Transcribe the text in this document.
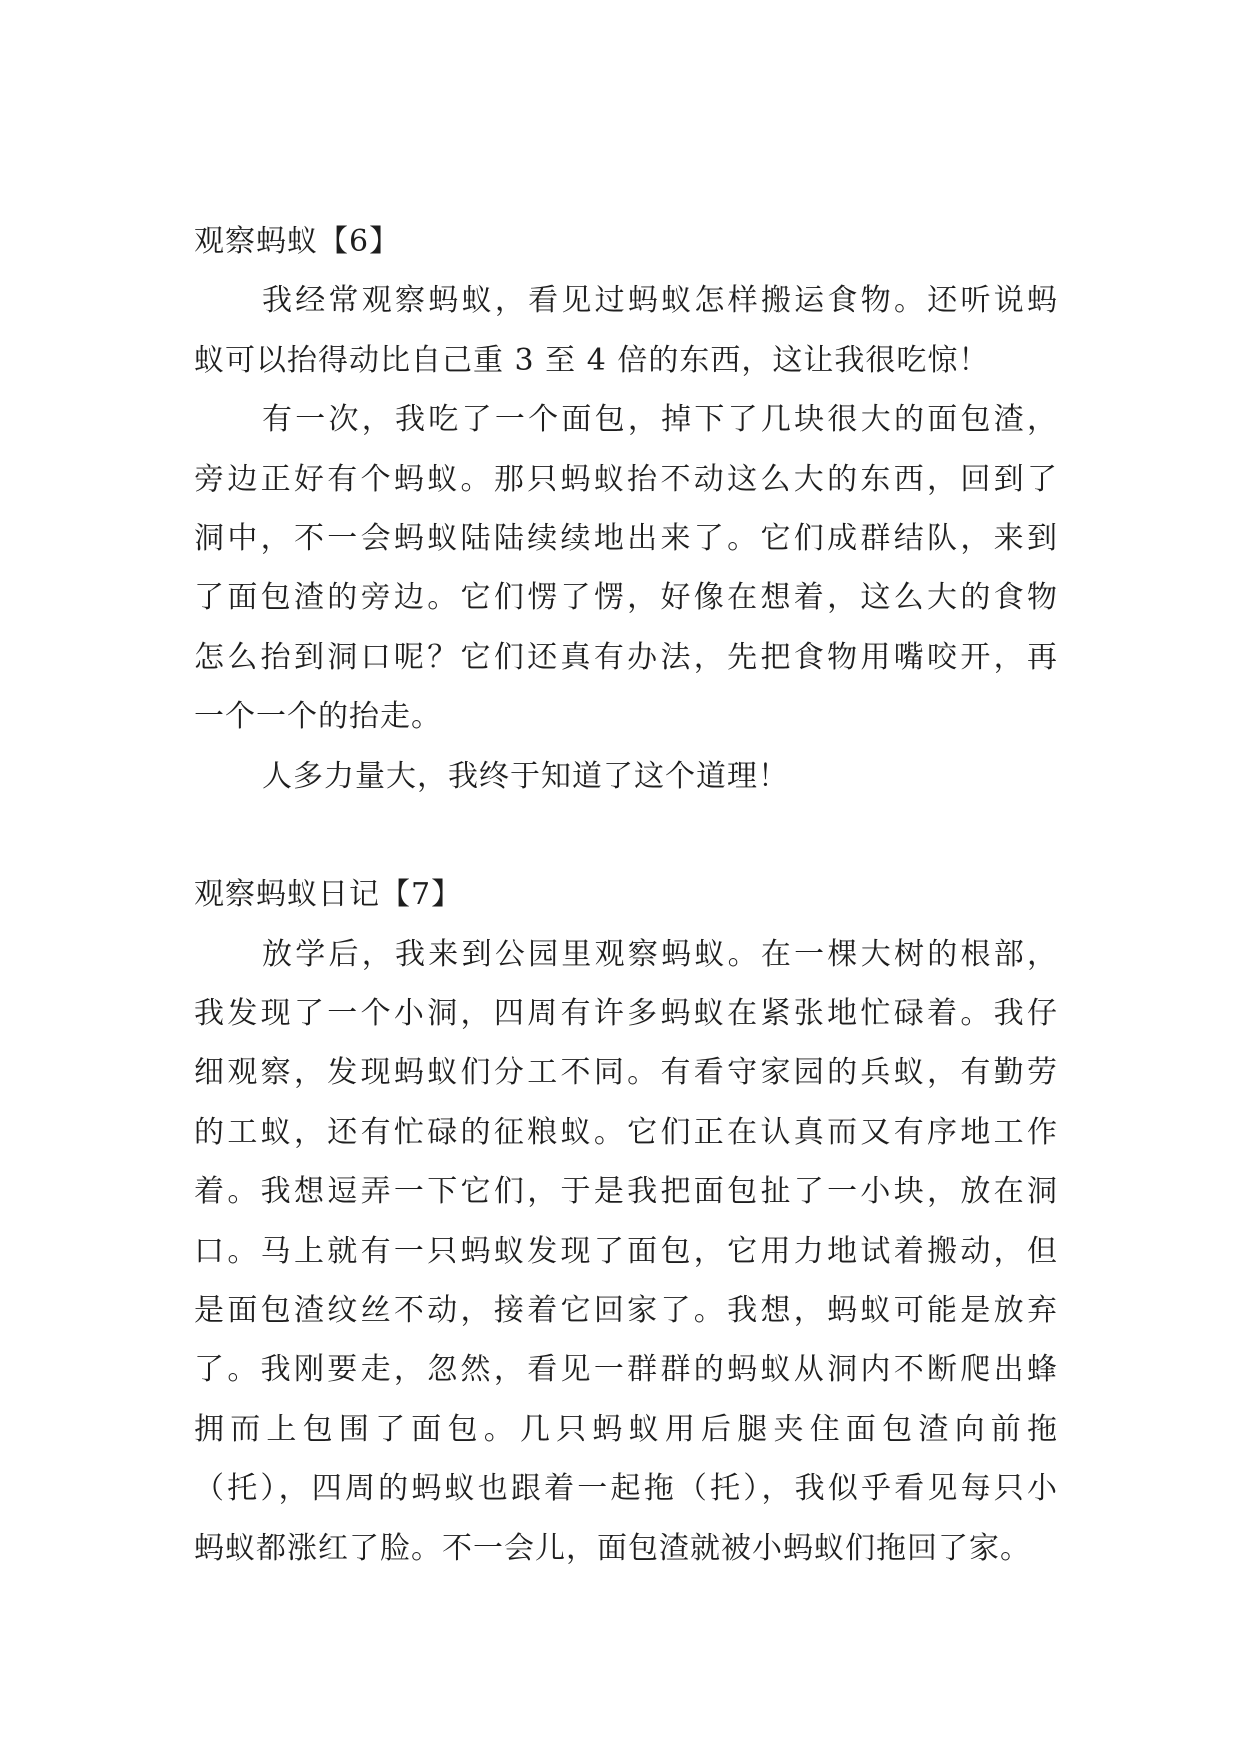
观察蚂蚁【6】
我经常观察蚂蚁，看见过蚂蚁怎样搬运食物。还听说蚂
蚁可以抬得动比自己重 3 至 4 倍的东西，这让我很吃惊！
有一次，我吃了一个面包，掉下了几块很大的面包渣，
旁边正好有个蚂蚁。那只蚂蚁抬不动这么大的东西，回到了
洞中，不一会蚂蚁陆陆续续地出来了。它们成群结队，来到
了面包渣的旁边。它们愣了愣，好像在想着，这么大的食物
怎么抬到洞口呢？它们还真有办法，先把食物用嘴咬开，再
一个一个的抬走。
人多力量大，我终于知道了这个道理！
观察蚂蚁日记【7】
放学后，我来到公园里观察蚂蚁。在一棵大树的根部，
我发现了一个小洞，四周有许多蚂蚁在紧张地忙碌着。我仔
细观察，发现蚂蚁们分工不同。有看守家园的兵蚁，有勤劳
的工蚁，还有忙碌的征粮蚁。它们正在认真而又有序地工作
着。我想逗弄一下它们，于是我把面包扯了一小块，放在洞
口。马上就有一只蚂蚁发现了面包，它用力地试着搬动，但
是面包渣纹丝不动，接着它回家了。我想，蚂蚁可能是放弃
了。我刚要走，忽然，看见一群群的蚂蚁从洞内不断爬出蜂
拥而上包围了面包。几只蚂蚁用后腿夹住面包渣向前拖
（托），四周的蚂蚁也跟着一起拖（托），我似乎看见每只小
蚂蚁都涨红了脸。不一会儿，面包渣就被小蚂蚁们拖回了家。
